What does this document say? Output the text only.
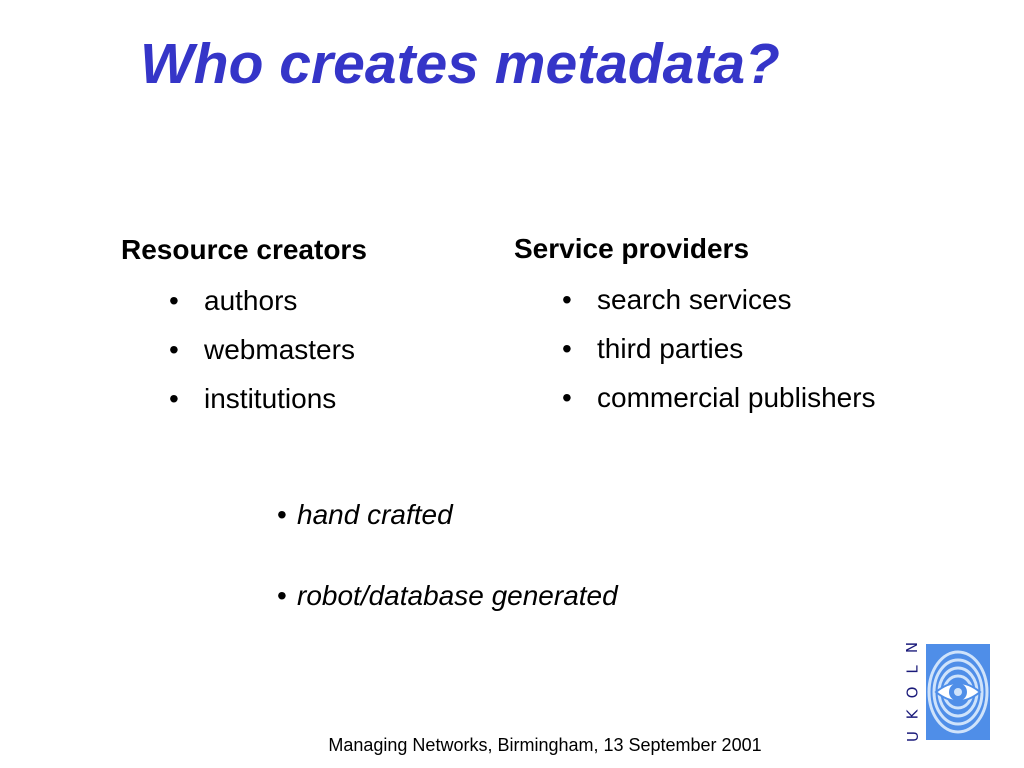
Who creates metadata?
Resource creators
• authors
• webmasters
• institutions
Service providers
• search services
• third parties
• commercial publishers
• hand crafted
• robot/database generated
Managing Networks, Birmingham, 13 September 2001
N
L
O
K
U
